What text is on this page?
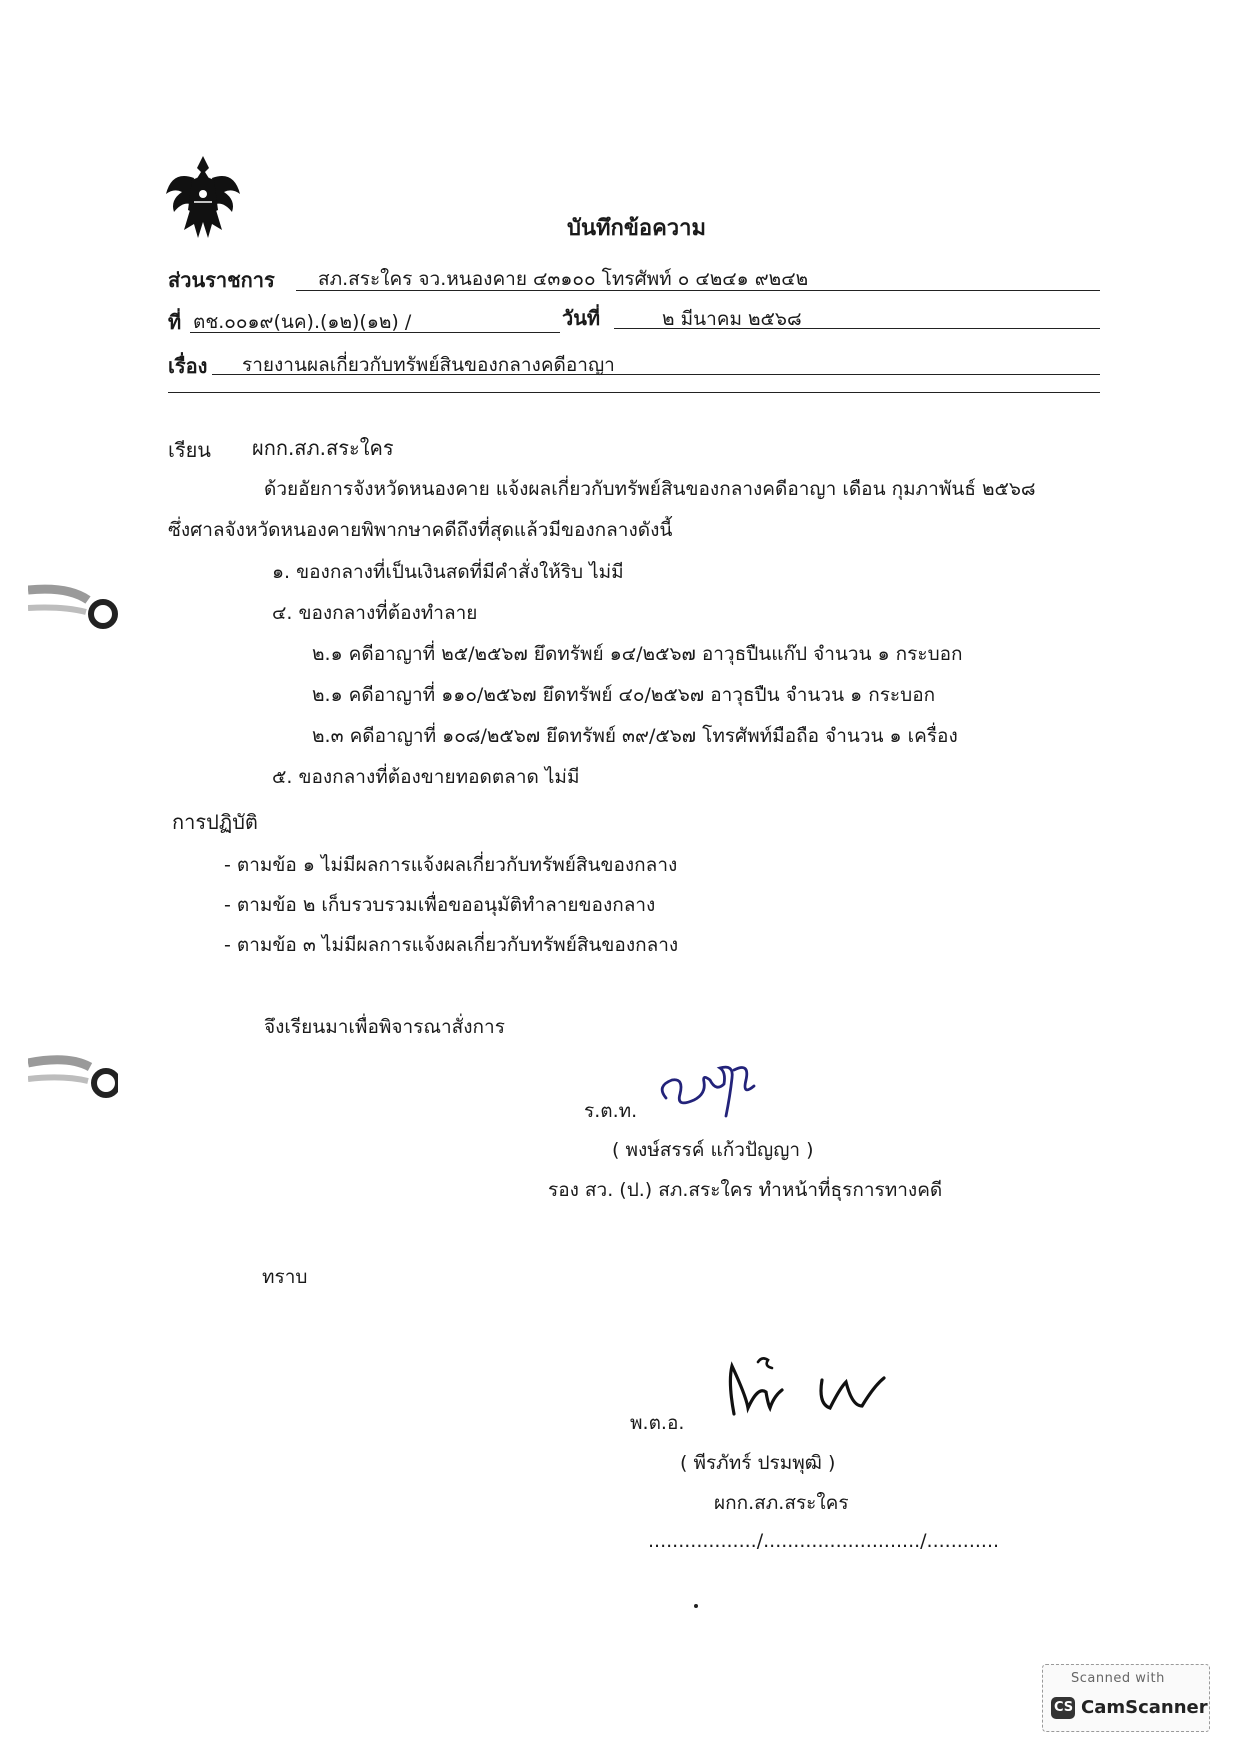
บันทึกข้อความ
ส่วนราชการ สภ.สระใคร จว.หนองคาย ๔๓๑๐๐ โทรศัพท์ ๐ ๔๒๔๑ ๙๒๔๒
ที่ ตช.๐๐๑๙(นค).(๑๒)(๑๒) /	วันที่	๒ มีนาคม ๒๕๖๘
เรื่อง รายงานผลเกี่ยวกับทรัพย์สินของกลางคดีอาญา
เรียน ผกก.สภ.สระใคร
ด้วยอัยการจังหวัดหนองคาย แจ้งผลเกี่ยวกับทรัพย์สินของกลางคดีอาญา เดือน กุมภาพันธ์ ๒๕๖๘
ซึ่งศาลจังหวัดหนองคายพิพากษาคดีถึงที่สุดแล้วมีของกลางดังนี้
๑. ของกลางที่เป็นเงินสดที่มีคำสั่งให้ริบ ไม่มี
๔. ของกลางที่ต้องทำลาย
๒.๑ คดีอาญาที่ ๒๕/๒๕๖๗ ยึดทรัพย์ ๑๔/๒๕๖๗ อาวุธปืนแก๊ป จำนวน ๑ กระบอก
๒.๑ คดีอาญาที่ ๑๑๐/๒๕๖๗ ยึดทรัพย์ ๔๐/๒๕๖๗ อาวุธปืน จำนวน ๑ กระบอก
๒.๓ คดีอาญาที่ ๑๐๘/๒๕๖๗ ยึดทรัพย์ ๓๙/๕๖๗ โทรศัพท์มือถือ จำนวน ๑ เครื่อง
๕. ของกลางที่ต้องขายทอดตลาด ไม่มี
การปฏิบัติ
- ตามข้อ ๑ ไม่มีผลการแจ้งผลเกี่ยวกับทรัพย์สินของกลาง
- ตามข้อ ๒ เก็บรวบรวมเพื่อขออนุมัติทำลายของกลาง
- ตามข้อ ๓ ไม่มีผลการแจ้งผลเกี่ยวกับทรัพย์สินของกลาง
จึงเรียนมาเพื่อพิจารณาสั่งการ
ร.ต.ท.
( พงษ์สรรค์ แก้วปัญญา )
รอง สว. (ป.) สภ.สระใคร ทำหน้าที่ธุรการทางคดี
ทราบ
พ.ต.อ.
( พีรภัทร์ ปรมพุฒิ )
ผกก.สภ.สระใคร
................../........................../............
Scanned with
CS CamScanner
